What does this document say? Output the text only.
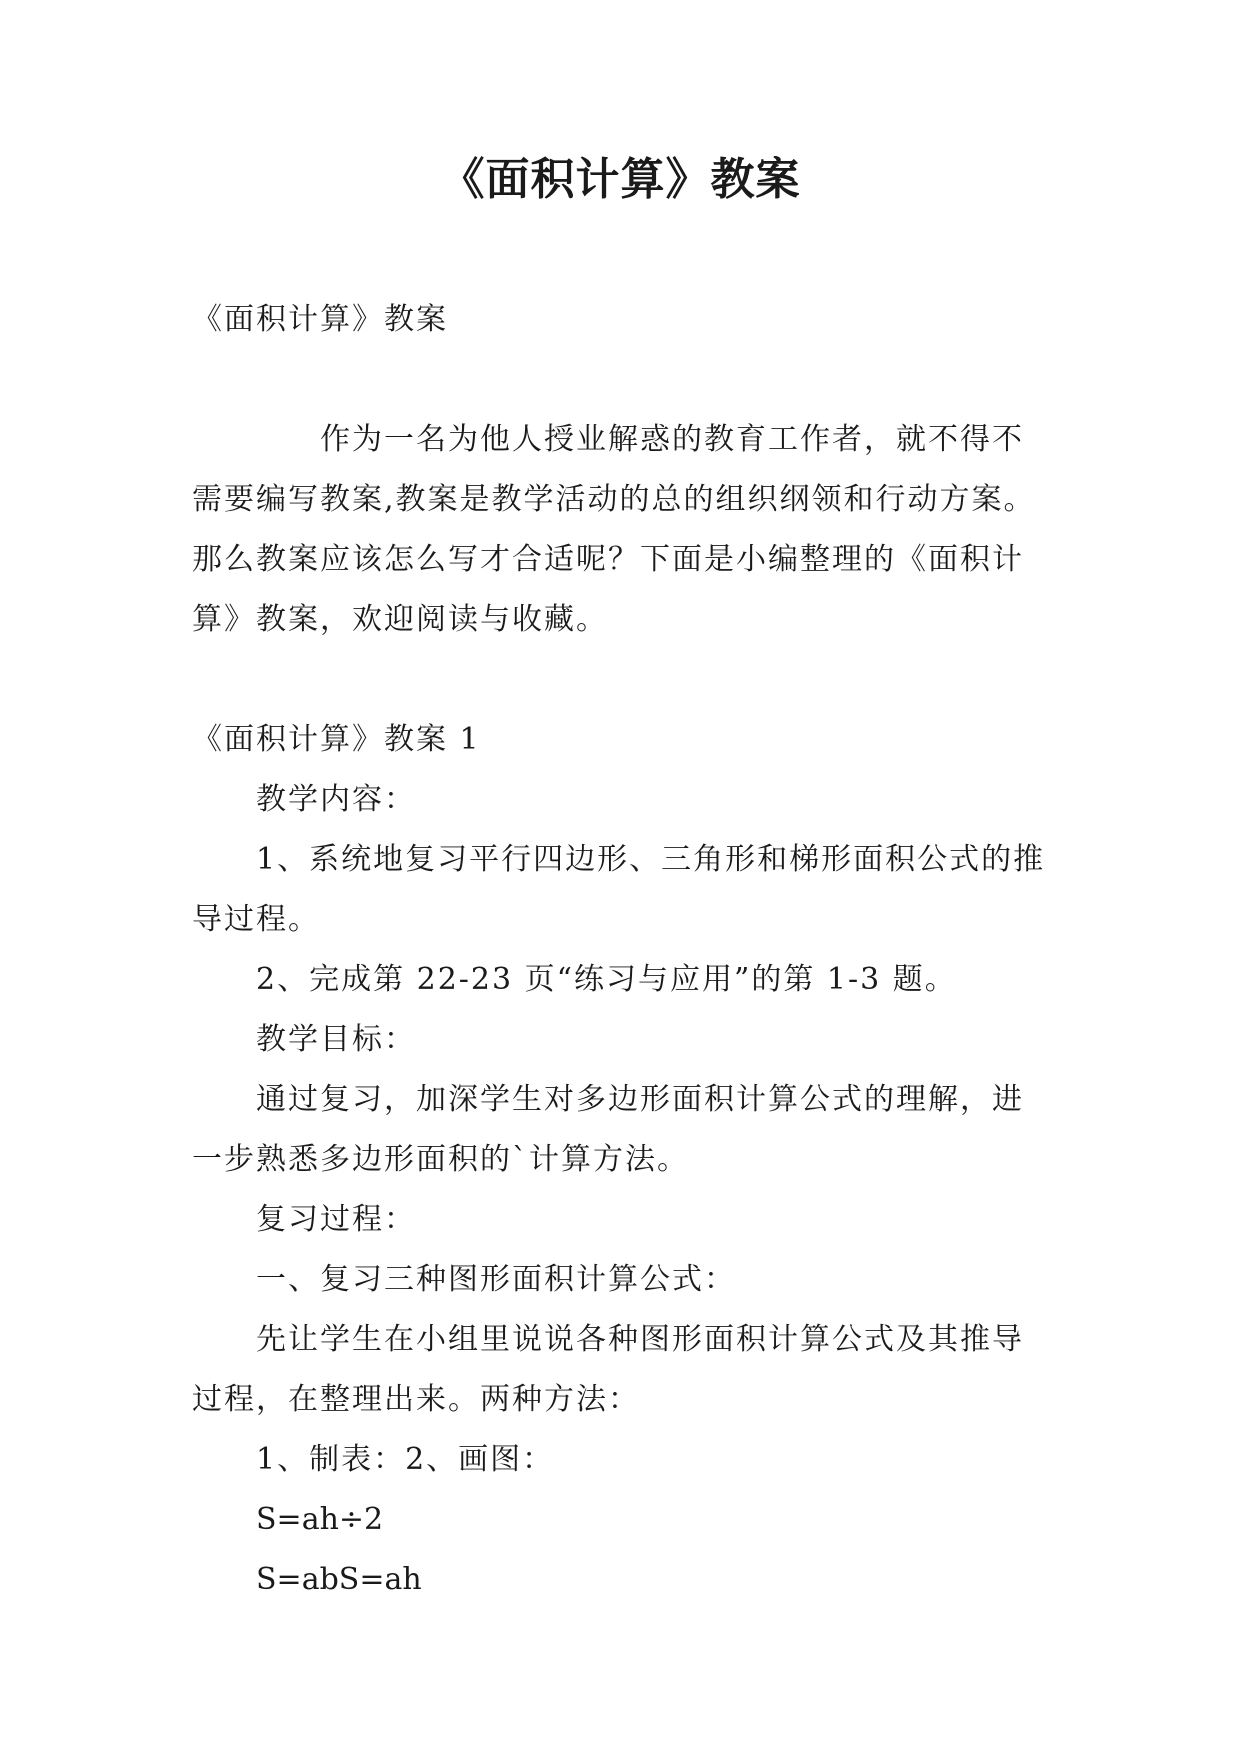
《面积计算》教案

《面积计算》教案

作为一名为他人授业解惑的教育工作者，就不得不需要编写教案,教案是教学活动的总的组织纲领和行动方案。那么教案应该怎么写才合适呢？下面是小编整理的《面积计算》教案，欢迎阅读与收藏。

《面积计算》教案 1

教学内容：

1、系统地复习平行四边形、三角形和梯形面积公式的推导过程。

2、完成第 22-23 页“练习与应用”的第 1-3 题。

教学目标：

通过复习，加深学生对多边形面积计算公式的理解，进一步熟悉多边形面积的`计算方法。

复习过程：

一、复习三种图形面积计算公式：

先让学生在小组里说说各种图形面积计算公式及其推导过程，在整理出来。两种方法：

1、制表：2、画图：

S=ah÷2

S=abS=ah
